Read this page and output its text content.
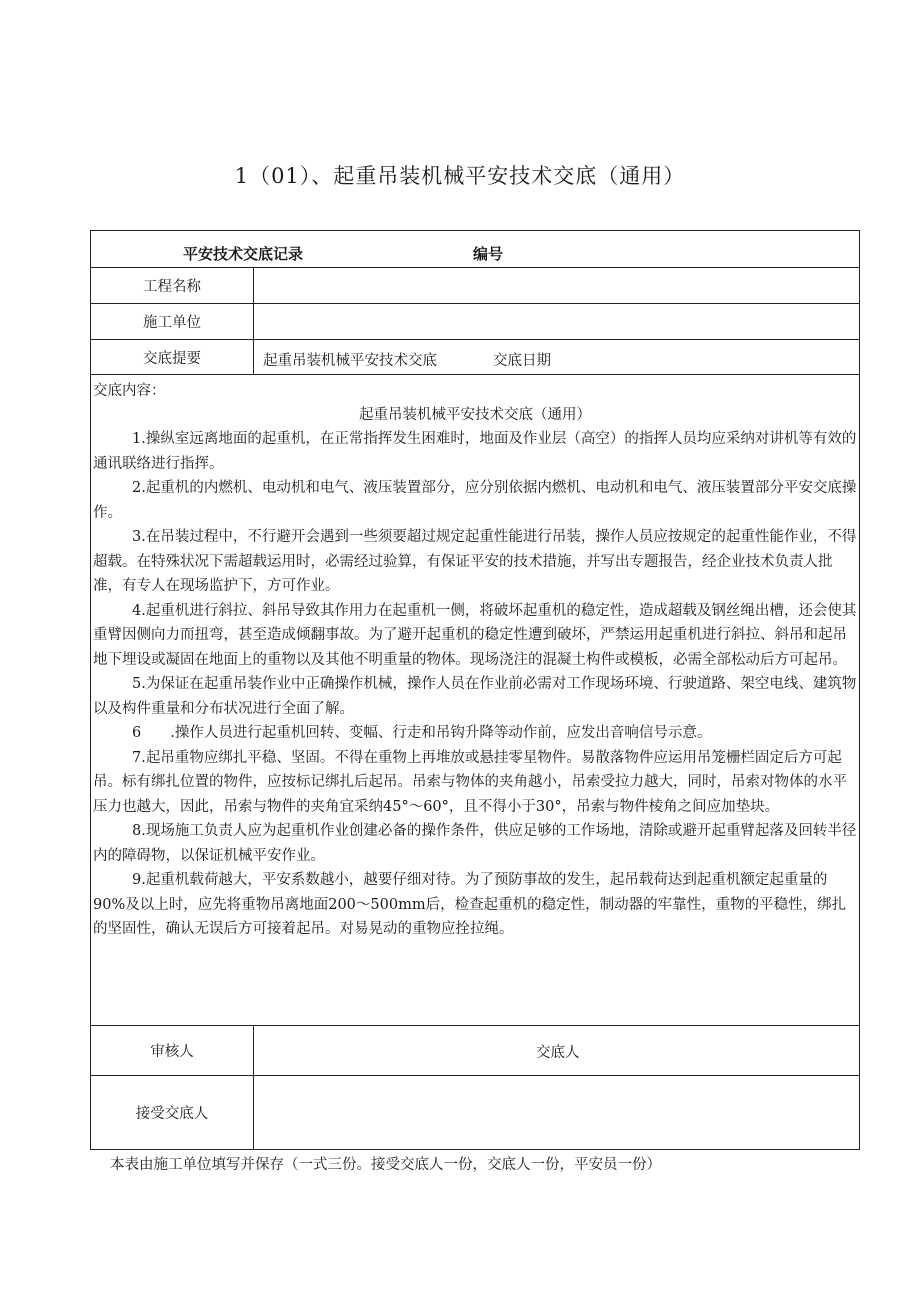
1（01）、起重吊装机械平安技术交底（通用）
平安技术交底记录	编号
工程名称
施工单位
交底提要	起重吊装机械平安技术交底	交底日期
交底内容：
起重吊装机械平安技术交底（通用）

1.操纵室远离地面的起重机，在正常指挥发生困难时，地面及作业层（高空）的指挥人员均应采纳对讲机等有效的通讯联络进行指挥。

2.起重机的内燃机、电动机和电气、液压装置部分，应分别依据内燃机、电动机和电气、液压装置部分平安交底操作。

3.在吊装过程中，不行避开会遇到一些须要超过规定起重性能进行吊装，操作人员应按规定的起重性能作业，不得超载。在特殊状况下需超载运用时，必需经过验算，有保证平安的技术措施，并写出专题报告，经企业技术负责人批准，有专人在现场监护下，方可作业。

4.起重机进行斜拉、斜吊导致其作用力在起重机一侧，将破坏起重机的稳定性，造成超载及钢丝绳出槽，还会使其重臂因侧向力而扭弯，甚至造成倾翻事故。为了避开起重机的稳定性遭到破坏，严禁运用起重机进行斜拉、斜吊和起吊地下埋设或凝固在地面上的重物以及其他不明重量的物体。现场浇注的混凝土构件或模板，必需全部松动后方可起吊。

5.为保证在起重吊装作业中正确操作机械，操作人员在作业前必需对工作现场环境、行驶道路、架空电线、建筑物以及构件重量和分布状况进行全面了解。

6　　.操作人员进行起重机回转、变幅、行走和吊钩升降等动作前，应发出音响信号示意。

7.起吊重物应绑扎平稳、坚固。不得在重物上再堆放或悬挂零星物件。易散落物件应运用吊笼栅栏固定后方可起吊。标有绑扎位置的物件，应按标记绑扎后起吊。吊索与物体的夹角越小，吊索受拉力越大，同时，吊索对物体的水平压力也越大，因此，吊索与物件的夹角宜采纳45°～60°，且不得小于30°，吊索与物件棱角之间应加垫块。

8.现场施工负责人应为起重机作业创建必备的操作条件，供应足够的工作场地，清除或避开起重臂起落及回转半径内的障碍物，以保证机械平安作业。

9.起重机载荷越大，平安系数越小，越要仔细对待。为了预防事故的发生，起吊载荷达到起重机额定起重量的90%及以上时，应先将重物吊离地面200～500mm后，检查起重机的稳定性，制动器的牢靠性，重物的平稳性，绑扎的坚固性，确认无误后方可接着起吊。对易晃动的重物应拴拉绳。

审核人	交底人
接受交底人
本表由施工单位填写并保存（一式三份。接受交底人一份，交底人一份，平安员一份）
